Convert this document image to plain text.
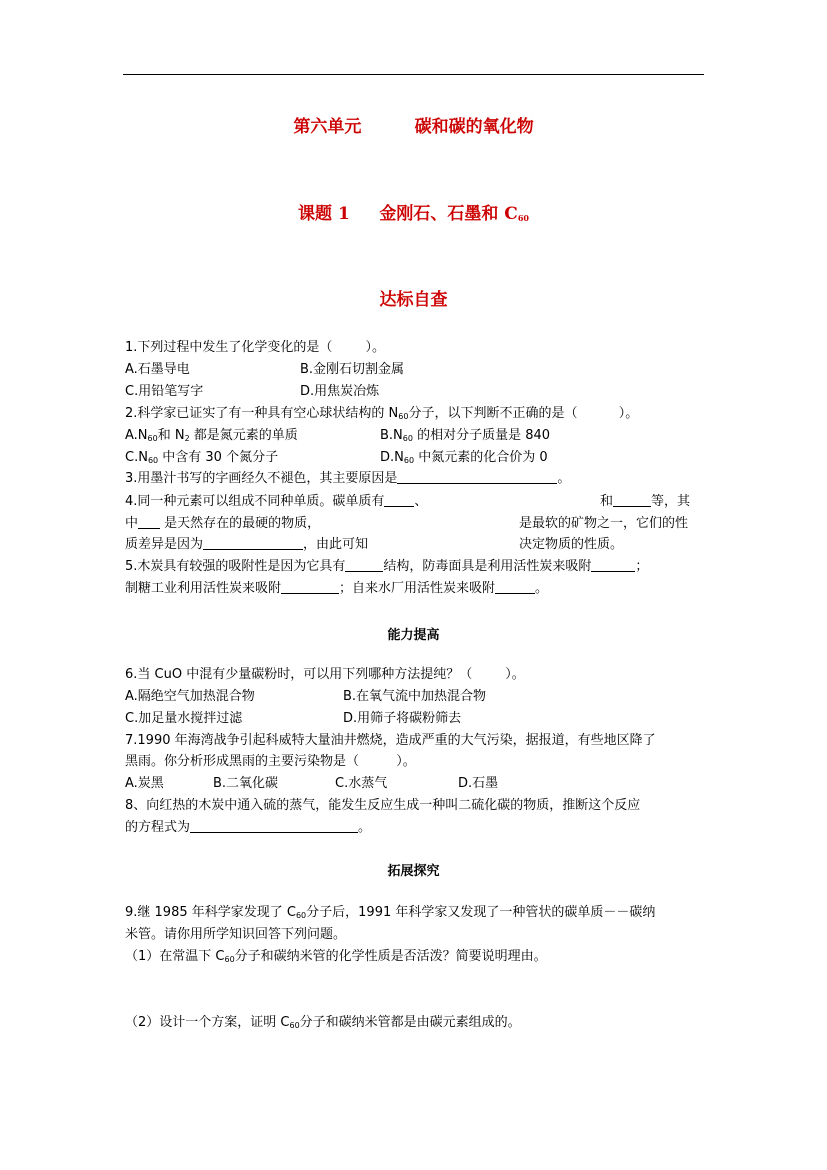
第六单元         碳和碳的氧化物
课题 1     金刚石、石墨和 $C_{60}$
达标自查
1.下列过程中发生了化学变化的是（        ）。
A.石墨导电	B.金刚石切割金属
C.用铅笔写字	D.用焦炭冶炼
2.科学家已证实了有一种具有空心球状结构的 $N_{60}$分子，以下判断不正确的是（          ）。
$A.N_{60}$和 $N_2$ 都是氮元素的单质	$B.N_{60}$ 的相对分子质量是 840
$C.N_{60}$ 中含有 30 个氮分子	$D.N_{60}$ 中氮元素的化合价为 0
3.用墨汁书写的字画经久不褪色，其主要原因是	。
4.同一种元素可以组成不同种单质。碳单质有 、	和	等，其
中 是天然存在的最硬的物质，	是最软的矿物之一，它们的性
质差异是因为	，由此可知	决定物质的性质。
5.木炭具有较强的吸附性是因为它具有	结构，防毒面具是利用活性炭来吸附	；
制糖工业利用活性炭来吸附	；自来水厂用活性炭来吸附	。
能力提高
6.当 CuO 中混有少量碳粉时，可以用下列哪种方法提纯？（        ）。
A.隔绝空气加热混合物	B.在氧气流中加热混合物
C.加足量水搅拌过滤	D.用筛子将碳粉筛去
7.1990 年海湾战争引起科威特大量油井燃烧，造成严重的大气污染，据报道，有些地区降了
黑雨。你分析形成黑雨的主要污染物是（         ）。
A.炭黑	B.二氧化碳	C.水蒸气	D.石墨
8、向红热的木炭中通入硫的蒸气，能发生反应生成一种叫二硫化碳的物质，推断这个反应
的方程式为	。
拓展探究
9.继 1985 年科学家发现了 $C_{60}$分子后，1991 年科学家又发现了一种管状的碳单质－－碳纳
米管。请你用所学知识回答下列问题。
（1）在常温下 $C_{60}$分子和碳纳米管的化学性质是否活泼？简要说明理由。
（2）设计一个方案，证明 $C_{60}$分子和碳纳米管都是由碳元素组成的。
